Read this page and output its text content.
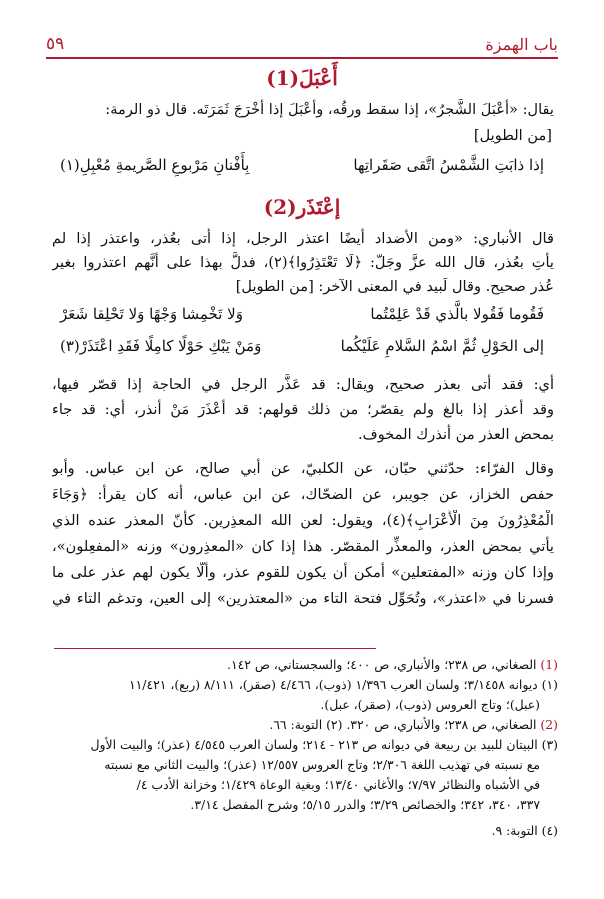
باب الهمزة
٥٩
أَعْبَلَ(1)
يقال: «أَعْبَلَ الشَّجرُ»، إذا سقط ورقُه، وأَعْبَلَ إذا أَخْرَجَ ثَمَرَتَه. قال ذو الرمة:
[من الطويل]
إذا ذابَتِ الشَّمْسُ اتَّقى صَقَراتِها
بِأَفْنانِ مَرْبوعِ الصَّريمةِ مُعْبِلِ(١)
إعْتَذَر(2)
قال الأنباري: «ومن الأضداد أيضًا اعتذر الرجل، إذا أتى بعُذر، واعتذر إذا لم
يأتِ بعُذر، قال الله عزَّ وجَلّ: ﴿لَا تَعْتَذِرُوا﴾(٢)، فدلَّ بهذا على أنَّهم اعتذروا بغير
عُذر صحيح. وقال لَبيد في المعنى الآخر: [من الطويل]
فَقُوما فَقُولا بالَّذي قَدْ عَلِمْتُما
وَلا تَخْمِشا وَجْهًا وَلا تَحْلِقا شَعَرْ
إلى الحَوْلِ ثُمَّ اسْمُ السَّلامِ عَلَيْكُما
وَمَنْ يَبْكِ حَوْلًا كامِلًا فَقَدِ اعْتَذَرْ(٣)
أي: فقد أتى بعذر صحيح، ويقال: قد عَذَّر الرجل في الحاجة إذا قصّر فيها،
وقد أعذر إذا بالغ ولم يقصّر؛ من ذلك قولهم: قد أَعْذَرَ مَنْ أنذر، أي: قد جاء
بمحض العذر من أنذرك المخوف.
وقال الفرّاء: حدّثني حبّان، عن الكلبيّ، عن أبي صالح، عن ابن عباس. وأبو
حفص الخزاز، عن جويبر، عن الضحّاك، عن ابن عباس، أنه كان يقرأ: ﴿وَجَاءَ
الْمُعْذِرُونَ مِنَ الْأَعْرَابِ﴾(٤)، ويقول: لعن الله المعذِرين. كأنّ المعذر عنده الذي
يأتي بمحض العذر، والمعذِّر المقصّر. هذا إذا كان «المعذِرون» وزنه «المفعِلون»،
وإذا كان وزنه «المفتعلين» أمكن أن يكون للقوم عذر، وألّا يكون لهم عذر على ما
فسرنا في «اعتذر»، وتُحَوِّل فتحة التاء من «المعتذرين» إلى العين، وتدغم التاء في
(1) الصغاني، ص ٢٣٨؛ والأنباري، ص ٤٠٠؛ والسجستاني، ص ١٤٢.
(١) ديوانه ٣/١٤٥٨؛ ولسان العرب ١/٣٩٦ (ذوب)، ٤/٤٦٦ (صقر)، ٨/١١١ (ربع)، ١١/٤٢١
(عبل)؛ وتاج العروس (ذوب)، (صقر)، عبل).
(2) الصغاني، ص ٢٣٨؛ والأنباري، ص ٣٢٠. (٢) التوبة: ٦٦.
(٣) البيتان للبيد بن ربيعة في ديوانه ص ٢١٣ - ٢١٤؛ ولسان العرب ٤/٥٤٥ (عذر)؛ والبيت الأول
مع نسبته في تهذيب اللغة ٢/٣٠٦؛ وتاج العروس ١٢/٥٥٧ (عذر)؛ والبيت الثاني مع نسبته
في الأشباه والنظائر ٧/٩٧؛ والأغاني ١٣/٤٠؛ وبغية الوعاة ١/٤٢٩؛ وخزانة الأدب ٤/
٣٣٧، ٣٤٠، ٣٤٢؛ والخصائص ٣/٢٩؛ والدرر ٥/١٥؛ وشرح المفصل ٣/١٤.
(٤) التوبة: ٩.
